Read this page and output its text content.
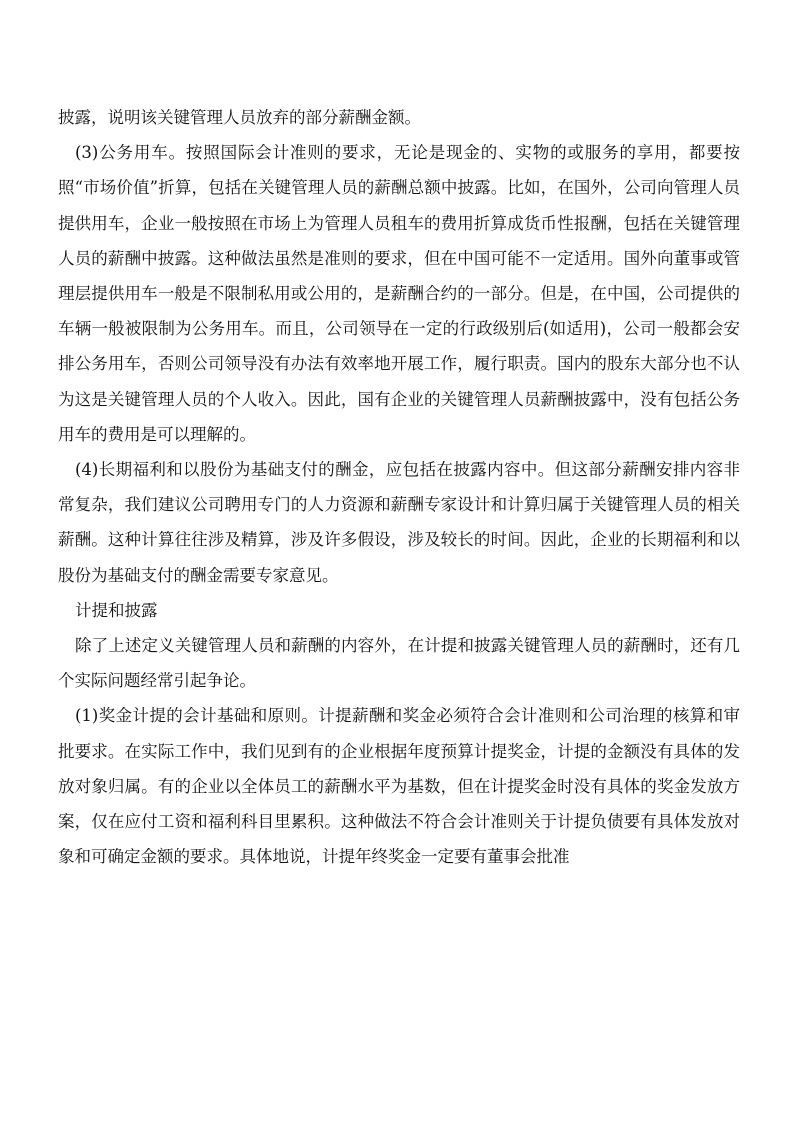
披露，说明该关键管理人员放弃的部分薪酬金额。

(3)公务用车。按照国际会计准则的要求，无论是现金的、实物的或服务的享用，都要按照“市场价值”折算，包括在关键管理人员的薪酬总额中披露。比如，在国外，公司向管理人员提供用车，企业一般按照在市场上为管理人员租车的费用折算成货币性报酬，包括在关键管理人员的薪酬中披露。这种做法虽然是准则的要求，但在中国可能不一定适用。国外向董事或管理层提供用车一般是不限制私用或公用的，是薪酬合约的一部分。但是，在中国，公司提供的车辆一般被限制为公务用车。而且，公司领导在一定的行政级别后(如适用)，公司一般都会安排公务用车，否则公司领导没有办法有效率地开展工作，履行职责。国内的股东大部分也不认为这是关键管理人员的个人收入。因此，国有企业的关键管理人员薪酬披露中，没有包括公务用车的费用是可以理解的。

(4)长期福利和以股份为基础支付的酬金，应包括在披露内容中。但这部分薪酬安排内容非常复杂，我们建议公司聘用专门的人力资源和薪酬专家设计和计算归属于关键管理人员的相关薪酬。这种计算往往涉及精算，涉及许多假设，涉及较长的时间。因此，企业的长期福利和以股份为基础支付的酬金需要专家意见。

计提和披露

除了上述定义关键管理人员和薪酬的内容外，在计提和披露关键管理人员的薪酬时，还有几个实际问题经常引起争论。

(1)奖金计提的会计基础和原则。计提薪酬和奖金必须符合会计准则和公司治理的核算和审批要求。在实际工作中，我们见到有的企业根据年度预算计提奖金，计提的金额没有具体的发放对象归属。有的企业以全体员工的薪酬水平为基数，但在计提奖金时没有具体的奖金发放方案，仅在应付工资和福利科目里累积。这种做法不符合会计准则关于计提负债要有具体发放对象和可确定金额的要求。具体地说，计提年终奖金一定要有董事会批准
